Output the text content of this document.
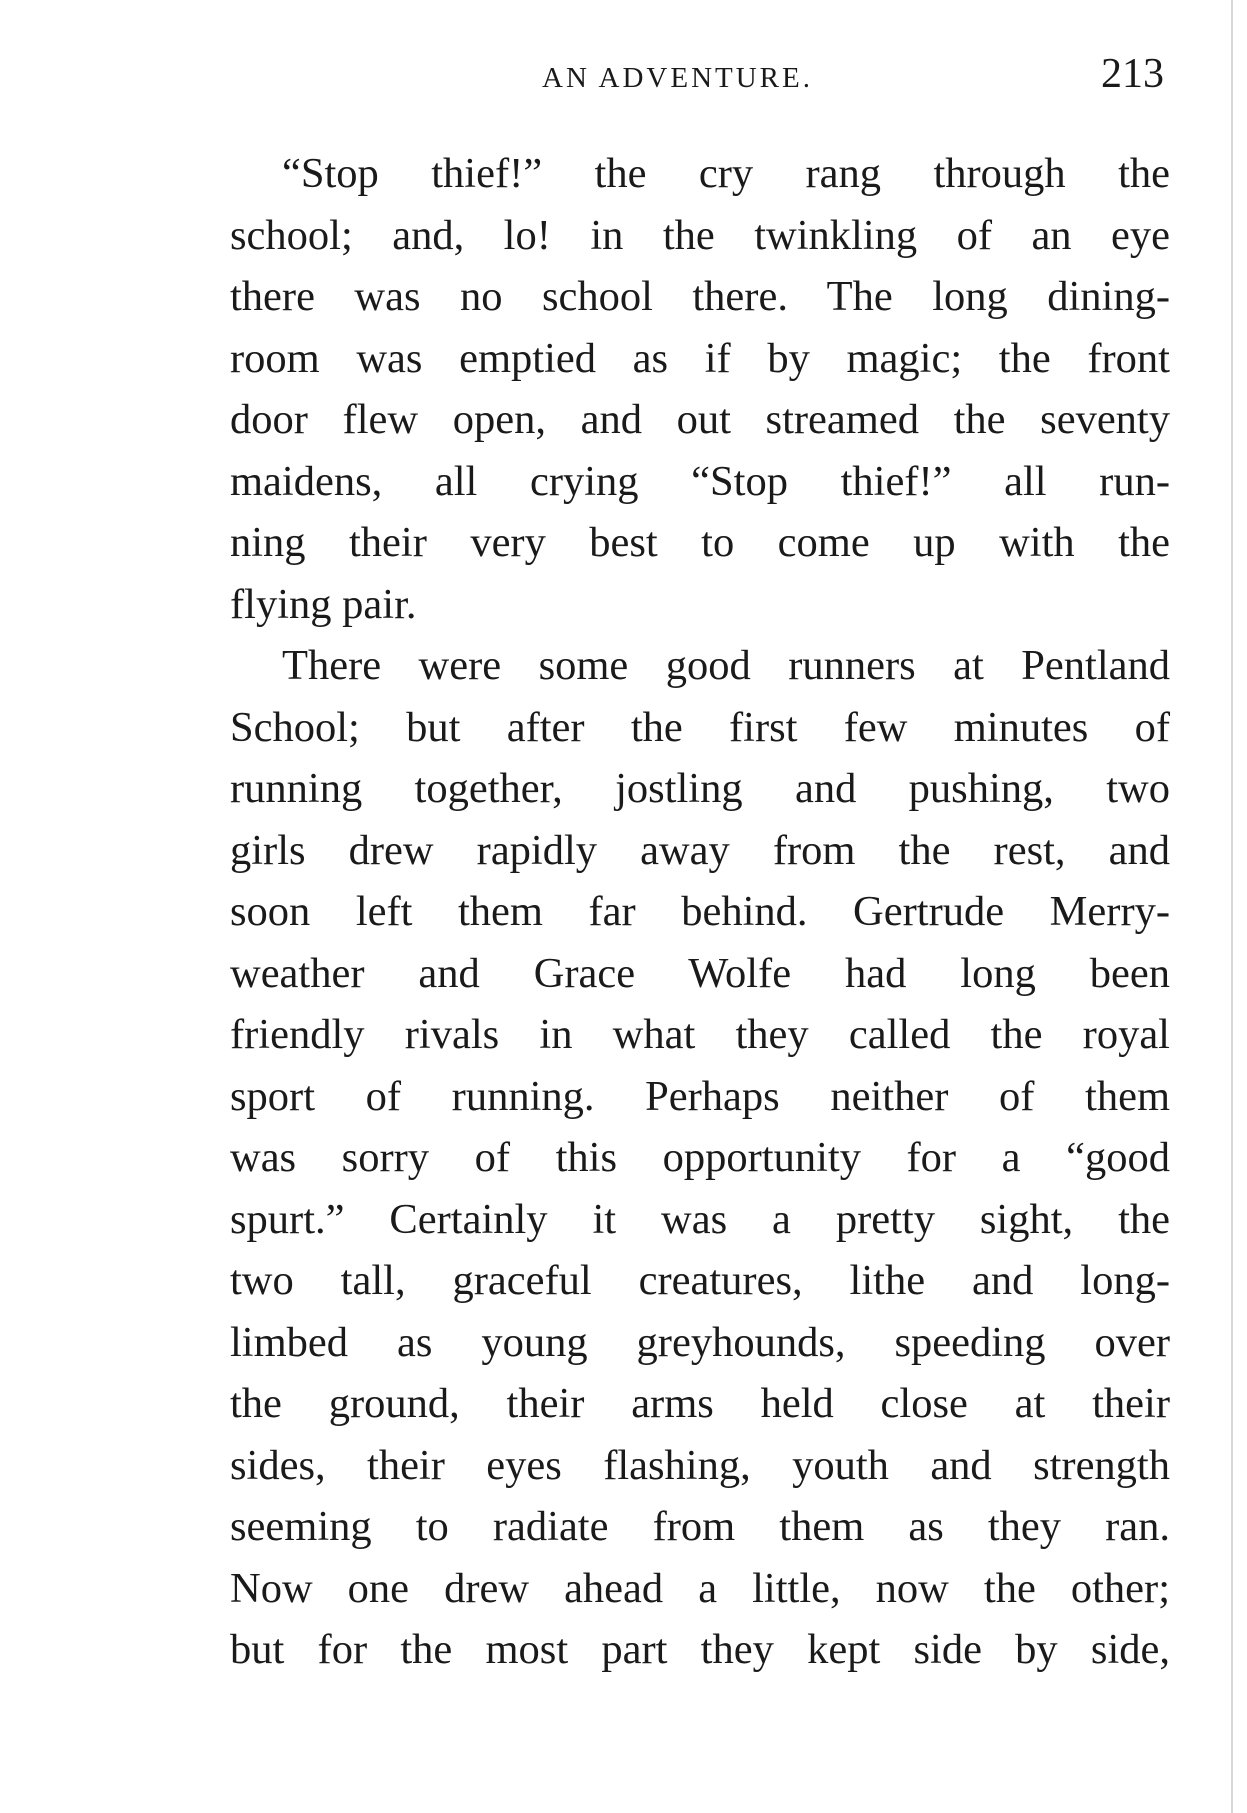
AN ADVENTURE.	213
“Stop thief!” the cry rang through the
school; and, lo! in the twinkling of an eye
there was no school there. The long dining-
room was emptied as if by magic; the front
door flew open, and out streamed the seventy
maidens, all crying “Stop thief!” all run-
ning their very best to come up with the
flying pair.
There were some good runners at Pentland
School; but after the first few minutes of
running together, jostling and pushing, two
girls drew rapidly away from the rest, and
soon left them far behind. Gertrude Merry-
weather and Grace Wolfe had long been
friendly rivals in what they called the royal
sport of running. Perhaps neither of them
was sorry of this opportunity for a “good
spurt.” Certainly it was a pretty sight, the
two tall, graceful creatures, lithe and long-
limbed as young greyhounds, speeding over
the ground, their arms held close at their
sides, their eyes flashing, youth and strength
seeming to radiate from them as they ran.
Now one drew ahead a little, now the other;
but for the most part they kept side by side,
